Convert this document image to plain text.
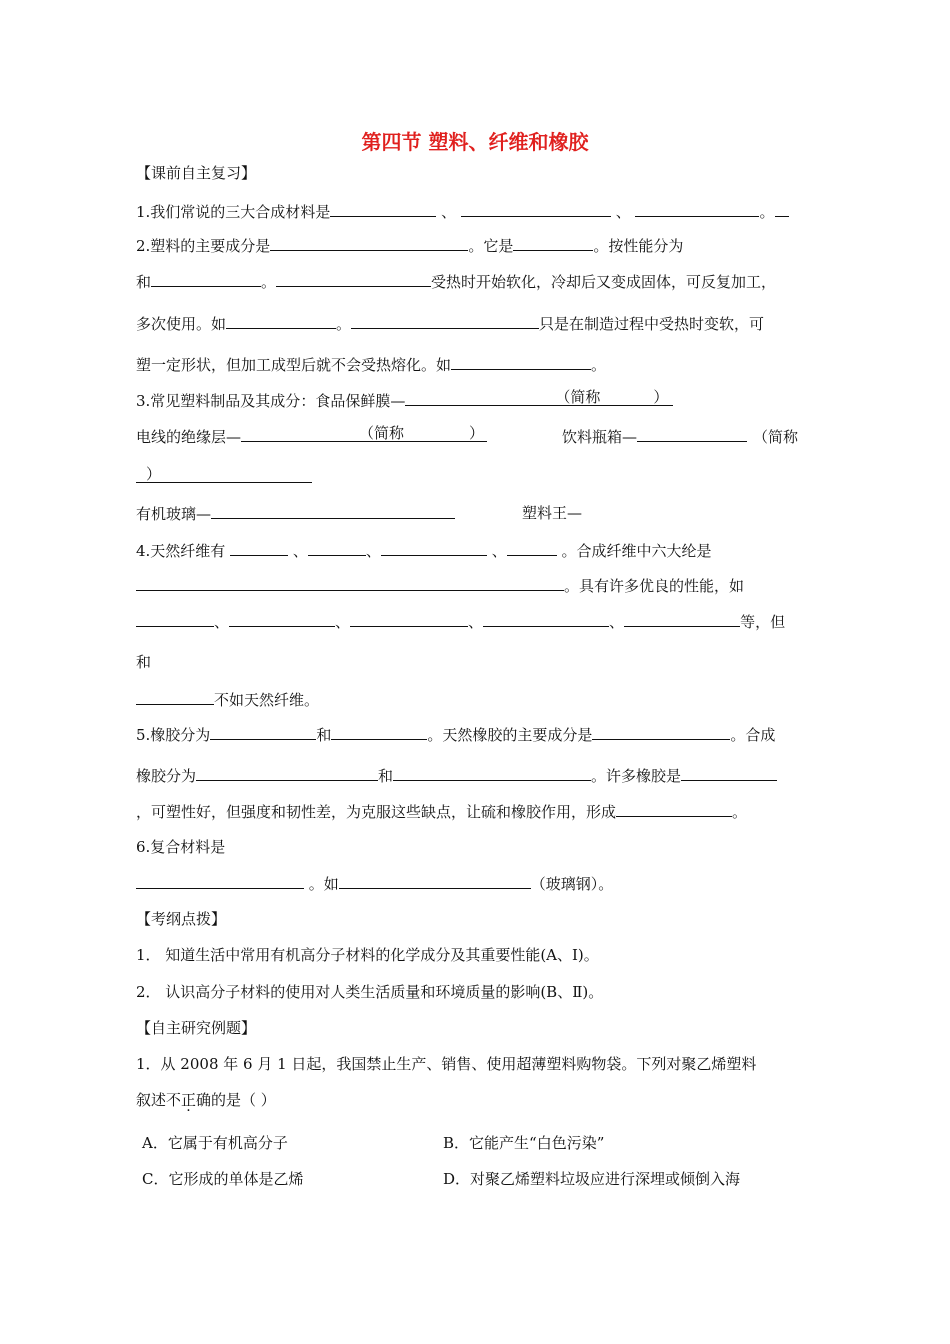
第四节 塑料、纤维和橡胶
【课前自主复习】
1.我们常说的三大合成材料是	、	、	。
2.塑料的主要成分是	。它是	。按性能分为
和	。	受热时开始软化，冷却后又变成固体，可反复加工，
多次使用。如	。	只是在制造过程中受热时变软，可
塑一定形状，但加工成型后就不会受热熔化。如	。
3.常见塑料制品及其成分：食品保鲜膜—	（简称	）
电线的绝缘层—	（简称	）	饮料瓶箱—	（简称
）
有机玻璃—	塑料王—
4.天然纤维有	、	、	、	。合成纤维中六大纶是
。具有许多优良的性能，如
、	、	、	、	等，但
和
不如天然纤维。
5.橡胶分为	和	。天然橡胶的主要成分是	。合成
橡胶分为	和	。许多橡胶是
，可塑性好，但强度和韧性差，为克服这些缺点，让硫和橡胶作用，形成	。
6.复合材料是
。如	（玻璃钢）。
【考纲点拨】
1． 知道生活中常用有机高分子材料的化学成分及其重要性能(A、Ⅰ)。
2． 认识高分子材料的使用对人类生活质量和环境质量的影响(B、Ⅱ)。
【自主研究例题】
1．从 2008 年 6 月 1 日起，我国禁止生产、销售、使用超薄塑料购物袋。下列对聚乙烯塑料
叙述不正确的是（ ）
A．它属于有机高分子	B．它能产生“白色污染”
C．它形成的单体是乙烯	D．对聚乙烯塑料垃圾应进行深埋或倾倒入海
